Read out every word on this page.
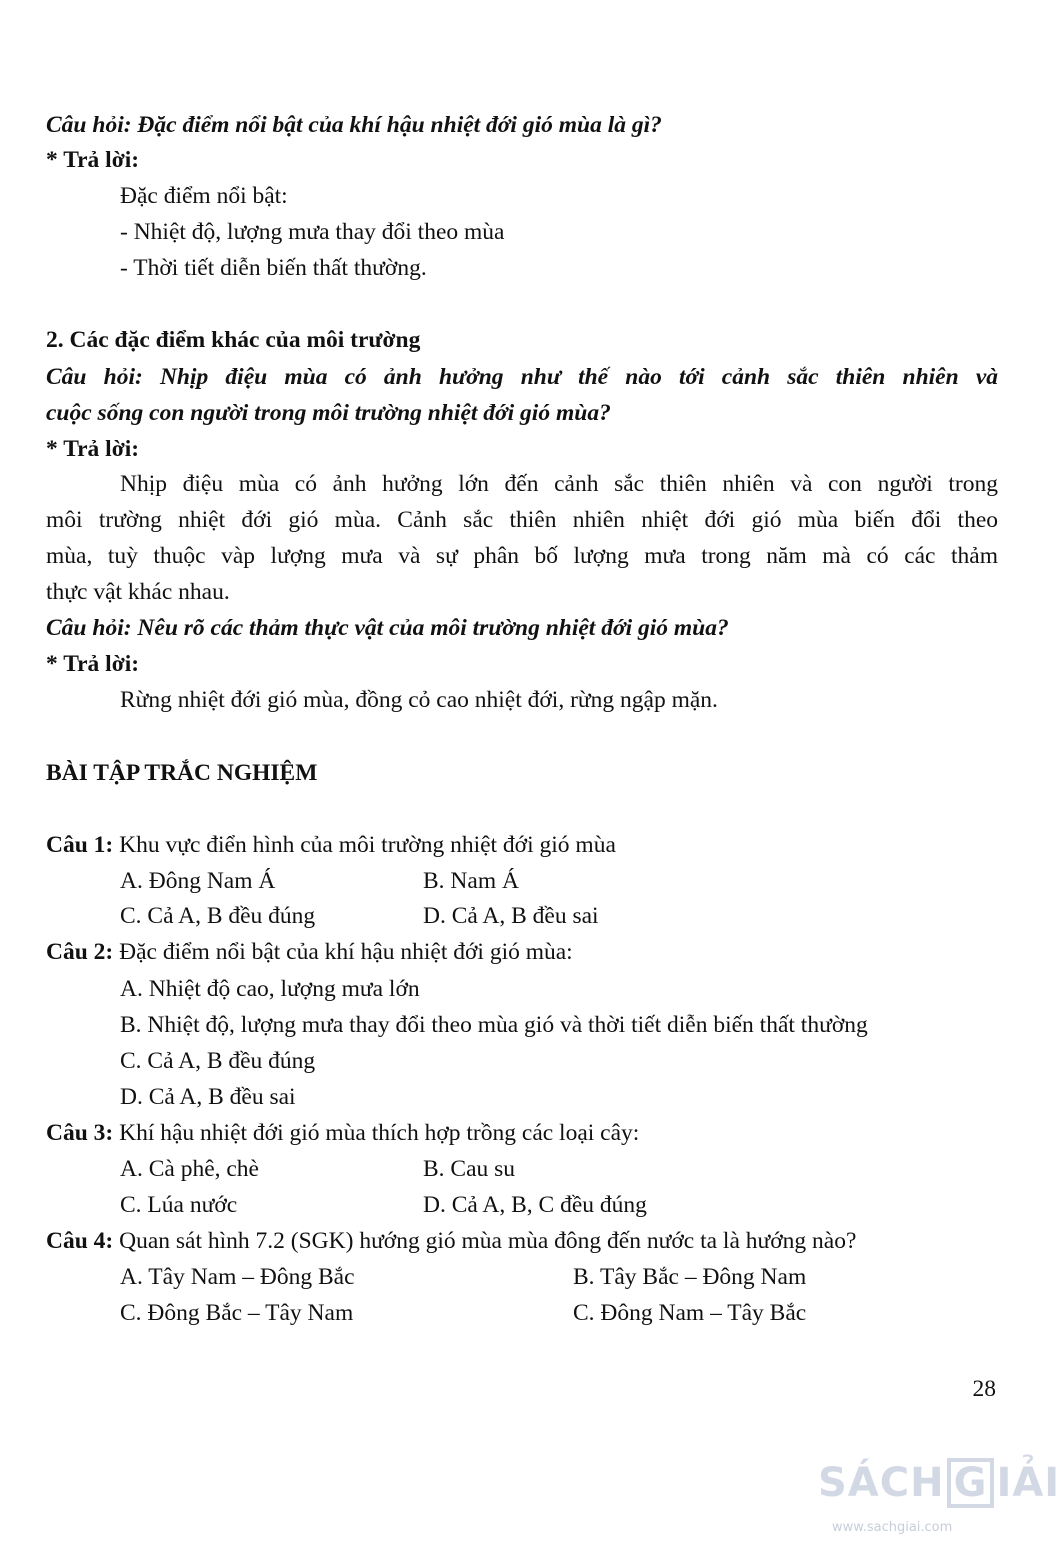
Câu hỏi: Đặc điểm nổi bật của khí hậu nhiệt đới gió mùa là gì?
* Trả lời:
Đặc điểm nổi bật:
- Nhiệt độ, lượng mưa thay đổi theo mùa
- Thời tiết diễn biến thất thường.
2. Các đặc điểm khác của môi trường
Câu hỏi: Nhịp điệu mùa có ảnh hưởng như thế nào tới cảnh sắc thiên nhiên và
cuộc sống con người trong môi trường nhiệt đới gió mùa?
* Trả lời:
Nhịp điệu mùa có ảnh hưởng lớn đến cảnh sắc thiên nhiên và con người trong
môi trường nhiệt đới gió mùa. Cảnh sắc thiên nhiên nhiệt đới gió mùa biến đổi theo
mùa, tuỳ thuộc vàp lượng mưa và sự phân bố lượng mưa trong năm mà có các thảm
thực vật khác nhau.
Câu hỏi: Nêu rõ các thảm thực vật của môi trường nhiệt đới gió mùa?
* Trả lời:
Rừng nhiệt đới gió mùa, đồng cỏ cao nhiệt đới, rừng ngập mặn.
BÀI TẬP TRẮC NGHIỆM
Câu 1: Khu vực điển hình của môi trường nhiệt đới gió mùa
A. Đông Nam Á	B. Nam Á
C. Cả A, B đều đúng	D. Cả A, B đều sai
Câu 2: Đặc điểm nổi bật của khí hậu nhiệt đới gió mùa:
A. Nhiệt độ cao, lượng mưa lớn
B. Nhiệt độ, lượng mưa thay đổi theo mùa gió và thời tiết diễn biến thất thường
C. Cả A, B đều đúng
D. Cả A, B đều sai
Câu 3: Khí hậu nhiệt đới gió mùa thích hợp trồng các loại cây:
A. Cà phê, chè	B. Cau su
C. Lúa nước	D. Cả A, B, C đều đúng
Câu 4: Quan sát hình 7.2 (SGK) hướng gió mùa mùa đông đến nước ta là hướng nào?
A. Tây Nam – Đông Bắc	B. Tây Bắc – Đông Nam
C. Đông Bắc – Tây Nam	C. Đông Nam – Tây Bắc
28
SÁCH G IẢI
www.sachgiai.com
